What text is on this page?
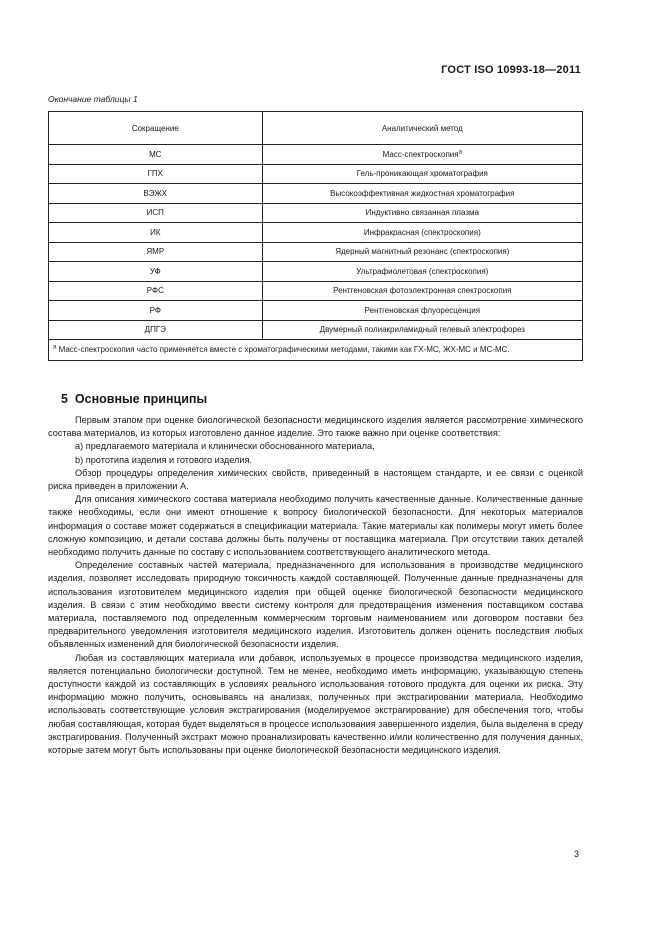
ГОСТ ISO 10993-18—2011
Окончание таблицы 1
Сокращение	Аналитический метод
МС	Масс-спектроскопия$^а$
ГПХ	Гель-проникающая хроматография
ВЭЖХ	Высокоэффективная жидкостная хроматография
ИСП	Индуктивно связанная плазма
ИК	Инфракрасная (спектроскопия)
ЯМР	Ядерный магнитный резонанс (спектроскопия)
УФ	Ультрафиолетовая (спектроскопия)
РФС	Рентгеновская фотоэлектронная спектроскопия
РФ	Рентгеновская флуоресценция
ДПГЭ	Двумерный полиакриламидный гелевый электрофорез
$^а$ Масс-спектроскопия часто применяется вместе с хроматографическими методами, такими как ГХ-МС, ЖХ-МС и МС-МС.	
5 Основные принципы

Первым этапом при оценке биологической безопасности медицинского изделия является рассмотрение химического состава материалов, из которых изготовлено данное изделие. Это также важно при оценке соответствия:

a) предлагаемого материала и клинически обоснованного материала,

b) прототипа изделия и готового изделия.

Обзор процедуры определения химических свойств, приведенный в настоящем стандарте, и ее связи с оценкой риска приведен в приложении А.

Для описания химического состава материала необходимо получить качественные данные. Количественные данные также необходимы, если они имеют отношение к вопросу биологической безопасности. Для некоторых материалов информация о составе может содержаться в спецификации материала. Такие материалы как полимеры могут иметь более сложную композицию, и детали состава должны быть получены от поставщика материала. При отсутствии таких деталей необходимо получить данные по составу с использованием соответствующего аналитического метода.

Определение составных частей материала, предназначенного для использования в производстве медицинского изделия, позволяет исследовать природную токсичность каждой составляющей. Полученные данные предназначены для использования изготовителем медицинского изделия при общей оценке биологической безопасности медицинского изделия. В связи с этим необходимо ввести систему контроля для предотвращения изменения поставщиком состава материала, поставляемого под определенным коммерческим торговым наименованием или договором поставки без предварительного уведомления изготовителя медицинского изделия. Изготовитель должен оценить последствия любых объявленных изменений для биологической безопасности изделия.

Любая из составляющих материала или добавок, используемых в процессе производства медицинского изделия, является потенциально биологически доступной. Тем не менее, необходимо иметь информацию, указывающую степень доступности каждой из составляющих в условиях реального использования готового продукта для оценки их риска. Эту информацию можно получить, основываясь на анализах, полученных при экстрагировании материала. Необходимо использовать соответствующие условия экстрагирования (моделируемое экстрагирование) для обеспечения того, чтобы любая составляющая, которая будет выделяться в процессе использования завершенного изделия, была выделена в среду экстрагирования. Полученный экстракт можно проанализировать качественно и/или количественно для получения данных, которые затем могут быть использованы при оценке биологической безопасности медицинского изделия.

3
